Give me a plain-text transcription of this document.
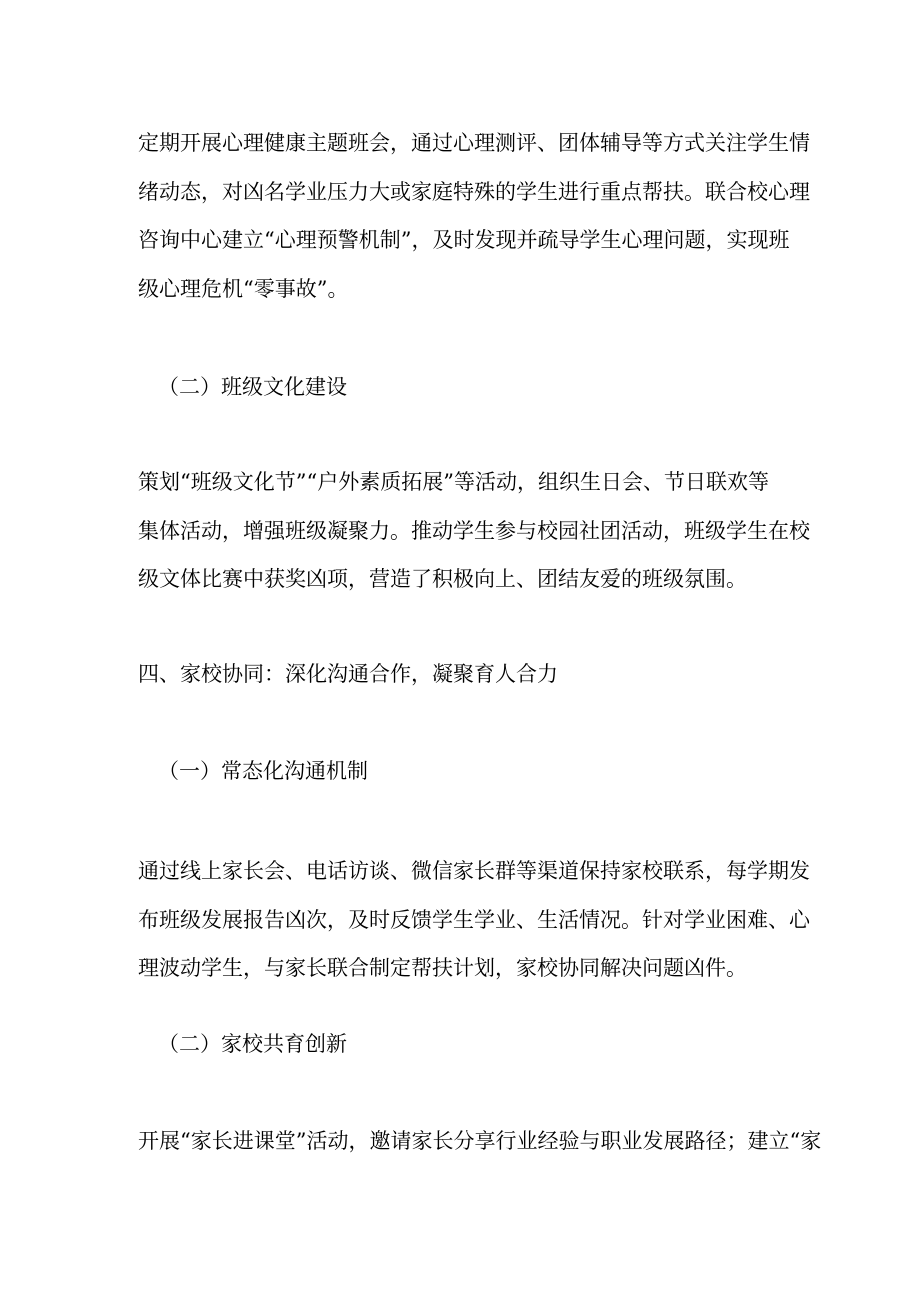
定期开展心理健康主题班会，通过心理测评、团体辅导等方式关注学生情
绪动态，对凶名学业压力大或家庭特殊的学生进行重点帮扶。联合校心理
咨询中心建立“心理预警机制”，及时发现并疏导学生心理问题，实现班
级心理危机“零事故”。

（二）班级文化建设

策划“班级文化节”“户外素质拓展”等活动，组织生日会、节日联欢等
集体活动，增强班级凝聚力。推动学生参与校园社团活动，班级学生在校
级文体比赛中获奖凶项，营造了积极向上、团结友爱的班级氛围。

四、家校协同：深化沟通合作，凝聚育人合力
（一）常态化沟通机制

通过线上家长会、电话访谈、微信家长群等渠道保持家校联系，每学期发
布班级发展报告凶次，及时反馈学生学业、生活情况。针对学业困难、心
理波动学生，与家长联合制定帮扶计划，家校协同解决问题凶件。

（二）家校共育创新

开展“家长进课堂”活动，邀请家长分享行业经验与职业发展路径；建立“家
